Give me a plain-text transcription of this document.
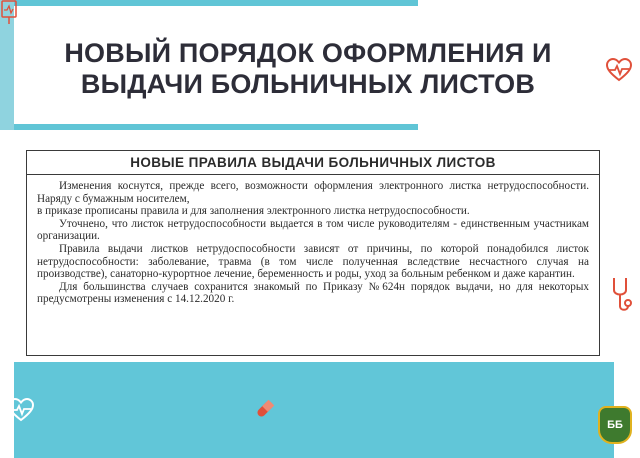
НОВЫЙ ПОРЯДОК ОФОРМЛЕНИЯ И ВЫДАЧИ БОЛЬНИЧНЫХ ЛИСТОВ
НОВЫЕ ПРАВИЛА ВЫДАЧИ БОЛЬНИЧНЫХ ЛИСТОВ

Изменения коснутся, прежде всего, возможности оформления электронного листка нетрудоспособности. Наряду с бумажным носителем,

в приказе прописаны правила и для заполнения электронного листка нетрудоспособности.

Уточнено, что листок нетрудоспособности выдается в том числе руководителям - единственным участникам организации.

Правила выдачи листков нетрудоспособности зависят от причины, по которой понадобился листок нетрудоспособности: заболевание, травма (в том числе полученная вследствие несчастного случая на производстве), санаторно-курортное лечение, беременность и роды, уход за больным ребенком и даже карантин.

Для большинства случаев сохранится знакомый по Приказу №624н порядок выдачи, но для некоторых предусмотрены изменения с 14.12.2020 г.

ББ
